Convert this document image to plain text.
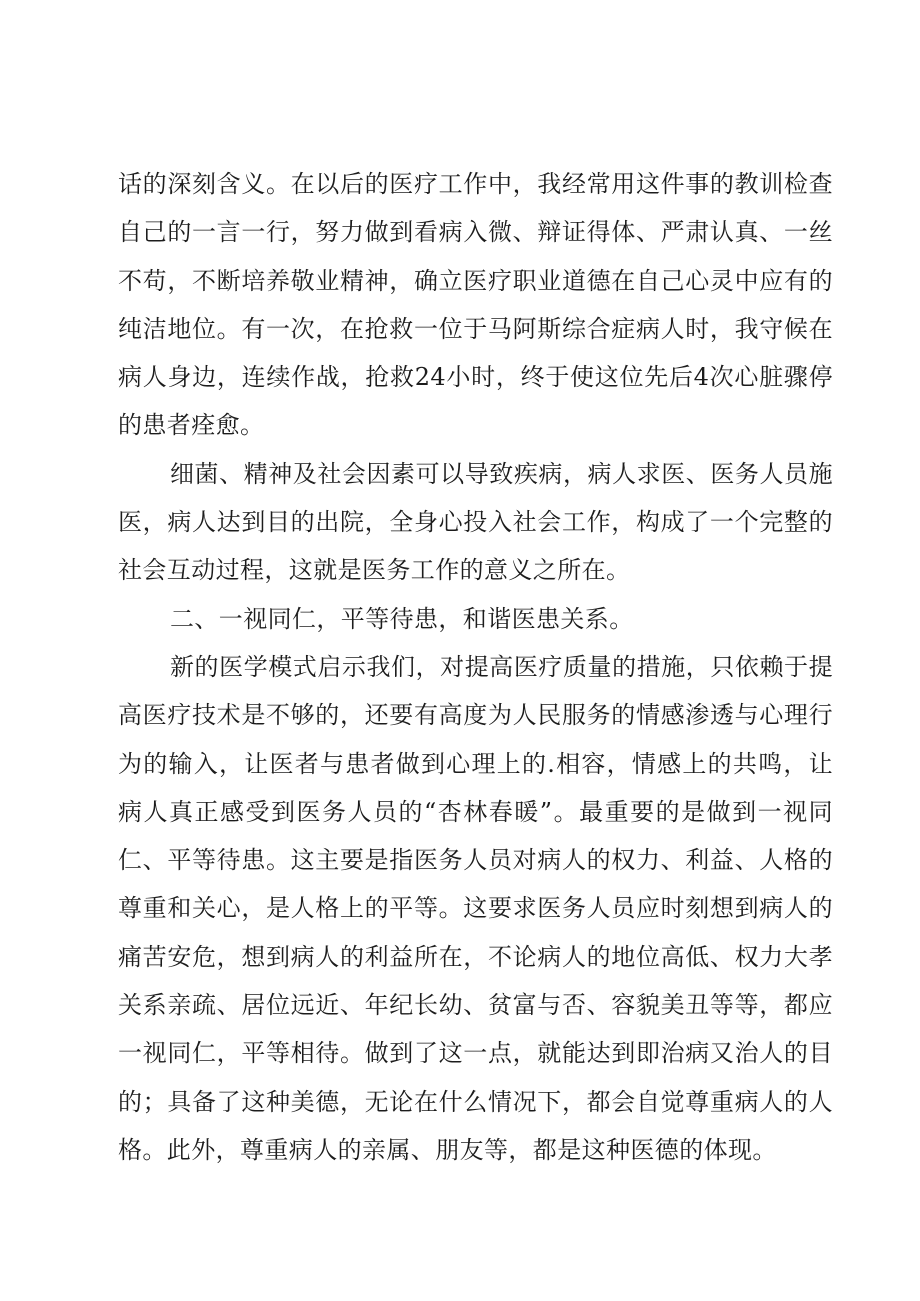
话的深刻含义。在以后的医疗工作中，我经常用这件事的教训检查自己的一言一行，努力做到看病入微、辩证得体、严肃认真、一丝不苟，不断培养敬业精神，确立医疗职业道德在自己心灵中应有的纯洁地位。有一次，在抢救一位于马阿斯综合症病人时，我守候在病人身边，连续作战，抢救24小时，终于使这位先后4次心脏骤停的患者痊愈。

细菌、精神及社会因素可以导致疾病，病人求医、医务人员施医，病人达到目的出院，全身心投入社会工作，构成了一个完整的社会互动过程，这就是医务工作的意义之所在。

二、一视同仁，平等待患，和谐医患关系。

新的医学模式启示我们，对提高医疗质量的措施，只依赖于提高医疗技术是不够的，还要有高度为人民服务的情感渗透与心理行为的输入，让医者与患者做到心理上的.相容，情感上的共鸣，让病人真正感受到医务人员的“杏林春暖”。最重要的是做到一视同仁、平等待患。这主要是指医务人员对病人的权力、利益、人格的尊重和关心，是人格上的平等。这要求医务人员应时刻想到病人的痛苦安危，想到病人的利益所在，不论病人的地位高低、权力大孝关系亲疏、居位远近、年纪长幼、贫富与否、容貌美丑等等，都应一视同仁，平等相待。做到了这一点，就能达到即治病又治人的目的；具备了这种美德，无论在什么情况下，都会自觉尊重病人的人格。此外，尊重病人的亲属、朋友等，都是这种医德的体现。
